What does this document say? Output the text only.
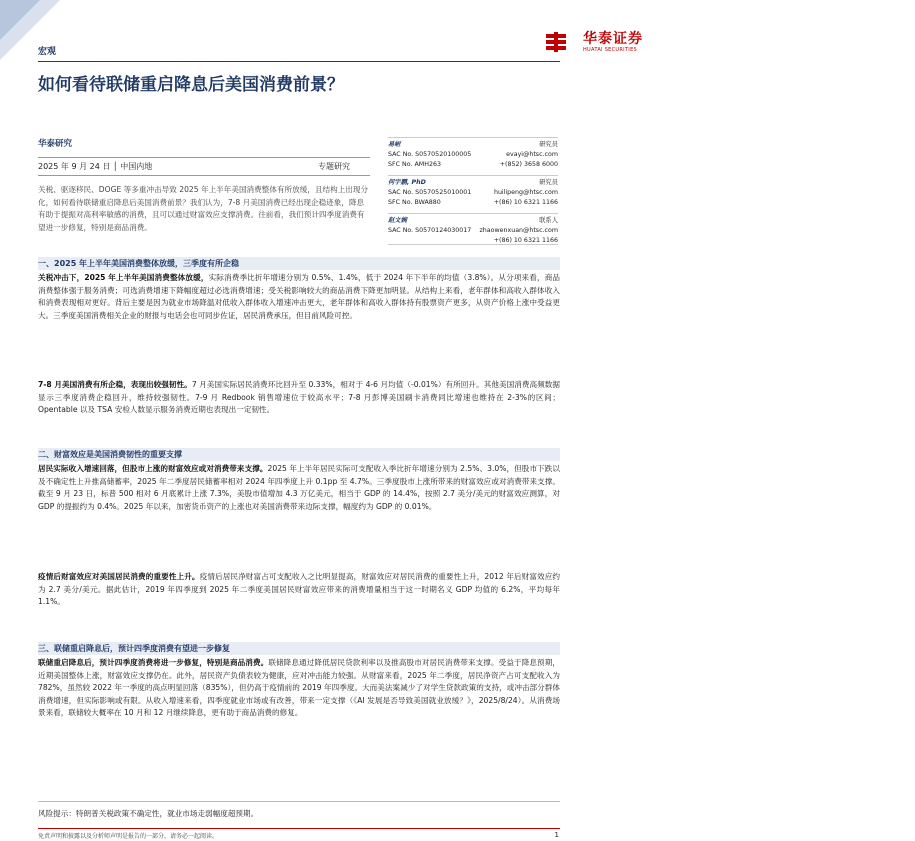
宏观
华泰证券
HUATAI SECURITIES
如何看待联储重启降息后美国消费前景？
华泰研究
2025 年 9 月 24 日 │ 中国内地	专题研究
易峘	研究员
SAC No. S0570520100005	evayi@htsc.com
SFC No. AMH263	+(852) 3658 6000
何宇鹏, PhD	研究员
SAC No. S0570525010001	huilipeng@htsc.com
SFC No. BWA880	+(86) 10 6321 1166
赵文婉	联系人
SAC No. S0570124030017 zhaowenxuan@htsc.com
+(86) 10 6321 1166
关税、驱逐移民、DOGE 等多重冲击导致 2025 年上半年美国消费整体有所放缓，且结构上出现分化，如何看待联储重启降息后美国消费前景？我们认为，7-8 月美国消费已经出现企稳迹象，降息有助于提振对高利率敏感的消费，且可以通过财富效应支撑消费。往前看，我们预计四季度消费有望进一步修复，特别是商品消费。
一、2025 年上半年美国消费整体放缓，三季度有所企稳
关税冲击下，2025 年上半年美国消费整体放缓，实际消费季比折年增速分别为 0.5%、1.4%，低于 2024 年下半年的均值（3.8%）。从分项来看，商品消费整体强于服务消费；可选消费增速下降幅度超过必选消费增速；受关税影响较大的商品消费下降更加明显。从结构上来看，老年群体和高收入群体收入和消费表现相对更好。背后主要是因为就业市场降温对低收入群体收入增速冲击更大，老年群体和高收入群体持有股票资产更多，从资产价格上涨中受益更大。三季度美国消费相关企业的财报与电话会也可同步佐证，居民消费承压，但目前风险可控。
7-8 月美国消费有所企稳，表现出较强韧性。7 月美国实际居民消费环比回升至 0.33%，相对于 4-6 月均值（-0.01%）有所回升。其他美国消费高频数据显示三季度消费企稳回升，维持较强韧性。7-9 月 Redbook 销售增速位于较高水平；7-8 月彭博美国刷卡消费同比增速也维持在 2-3%的区间；Opentable 以及 TSA 安检人数显示服务消费近期也表现出一定韧性。
二、财富效应是美国消费韧性的重要支撑
居民实际收入增速回落，但股市上涨的财富效应或对消费带来支撑。2025 年上半年居民实际可支配收入季比折年增速分别为 2.5%、3.0%，但股市下跌以及不确定性上升推高储蓄率，2025 年二季度居民储蓄率相对 2024 年四季度上升 0.1pp 至 4.7%。三季度股市上涨所带来的财富效应或对消费带来支撑。截至 9 月 23 日，标普 500 相对 6 月底累计上涨 7.3%，美股市值增加 4.3 万亿美元，相当于 GDP 的 14.4%，按照 2.7 美分/美元的财富效应测算，对 GDP 的提振约为 0.4%。2025 年以来，加密货币资产的上涨也对美国消费带来边际支撑，幅度约为 GDP 的 0.01%。
疫情后财富效应对美国居民消费的重要性上升。疫情后居民净财富占可支配收入之比明显提高，财富效应对居民消费的重要性上升，2012 年后财富效应约为 2.7 美分/美元。据此估计，2019 年四季度到 2025 年二季度美国居民财富效应带来的消费增量相当于这一时期名义 GDP 均值的 6.2%，平均每年 1.1%。
三、联储重启降息后，预计四季度消费有望进一步修复
联储重启降息后，预计四季度消费将进一步修复，特别是商品消费。联储降息通过降低居民贷款利率以及推高股市对居民消费带来支撑。受益于降息预期，近期美国整体上涨，财富效应支撑仍在。此外，居民资产负债表较为健康，应对冲击能力较强。从财富来看，2025 年二季度，居民净资产占可支配收入为 782%，虽然较 2022 年一季度的高点明显回落（835%），但仍高于疫情前的 2019 年四季度。大而美法案减少了对学生贷款政策的支持，或冲击部分群体消费增速，但实际影响或有限。从收入增速来看，四季度就业市场或有改善，带来一定支撑（《AI 发展是否导致美国就业放缓？》，2025/8/24）。从消费场景来看，联储较大概率在 10 月和 12 月继续降息，更有助于商品消费的修复。
风险提示：特朗普关税政策不确定性，就业市场走弱幅度超预期。
免责声明和披露以及分析师声明是报告的一部分，请务必一起阅读。	1
